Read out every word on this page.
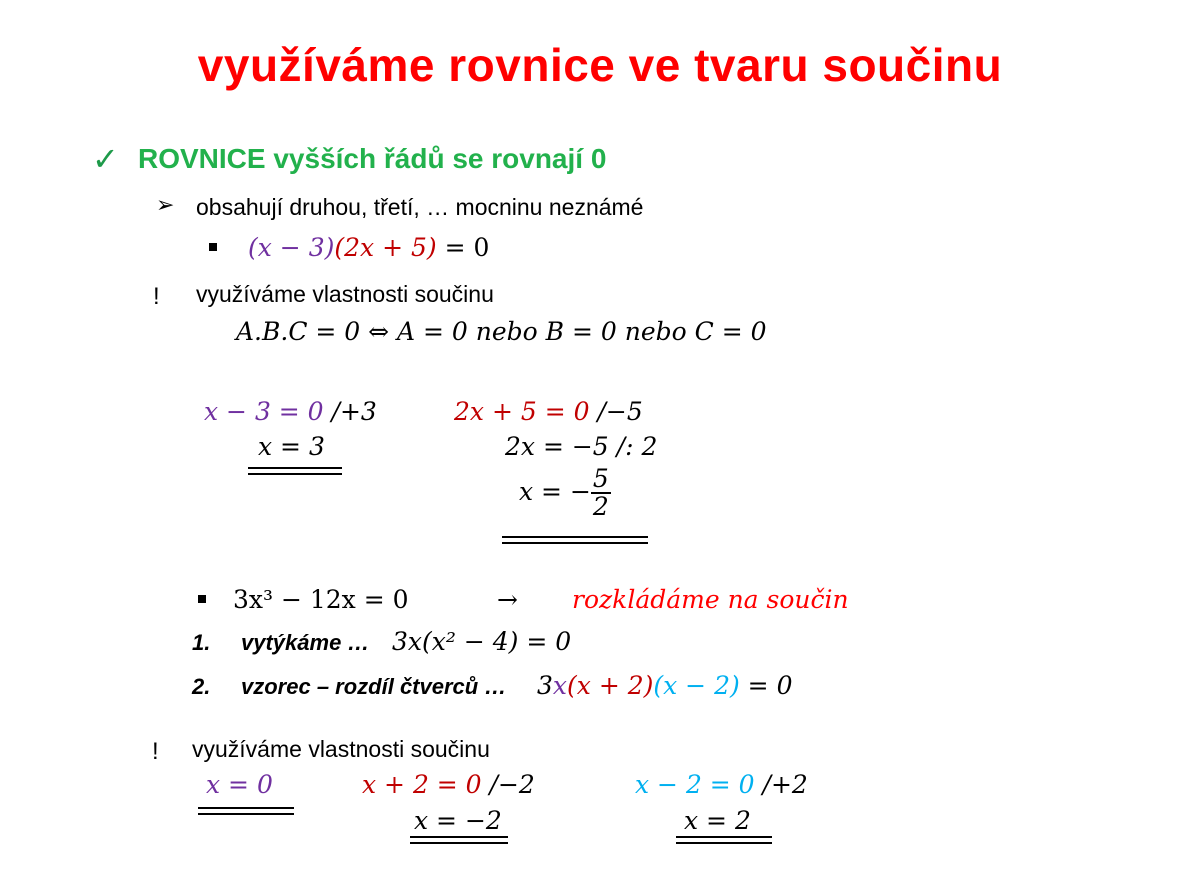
využíváme rovnice ve tvaru součinu
✓ ROVNICE vyšších řádů se rovnají 0
➢ obsahují druhou, třetí, … mocninu neznámé
(x − 3)(2x + 5) = 0
! využíváme vlastnosti součinu
A.B.C = 0 ⇔ A = 0 nebo B = 0 nebo C = 0
x − 3 = 0 /+3
x = 3
2x + 5 = 0 /−5
2x = −5 /: 2
x = − $\frac{5}{2}$
3x³ − 12x = 0	→ rozkládáme na součin
1. vytýkáme … 3x(x² − 4) = 0
2. vzorec – rozdíl čtverců … 3x(x + 2)(x − 2) = 0
! využíváme vlastnosti součinu
x = 0	x + 2 = 0 /−2
x = −2
x − 2 = 0 /+2
x = 2
